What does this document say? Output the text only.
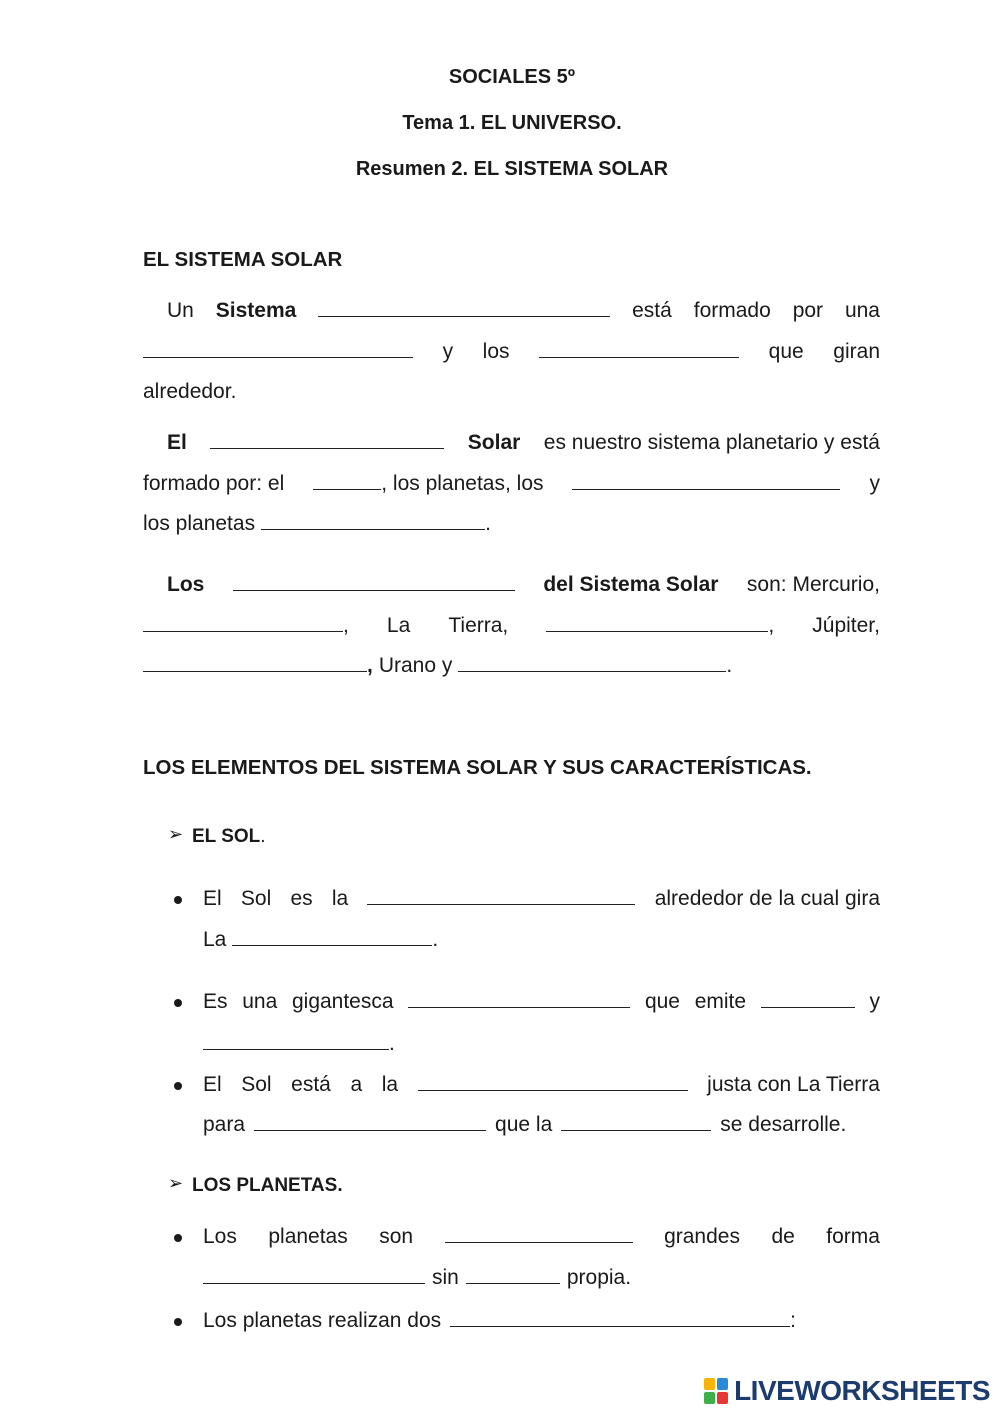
SOCIALES 5º
Tema 1. EL UNIVERSO.
Resumen 2. EL SISTEMA SOLAR
EL SISTEMA SOLAR
Un Sistema	está formado por una
y los	que giran
alrededor.
El	Solar es nuestro sistema planetario y está
formado por: el	, los planetas, los	y
los planetas	.
Los	del Sistema Solar son: Mercurio,
, La Tierra,	, Júpiter,
, Urano y	.
LOS ELEMENTOS DEL SISTEMA SOLAR Y SUS CARACTERÍSTICAS.
➢ EL SOL.
El Sol es la	alrededor de la cual gira
La	.
Es una gigantesca	que emite	y
.
El Sol está a la	justa con La Tierra
para	que la	se desarrolle.
➢ LOS PLANETAS.
Los planetas son	grandes de forma
sin	propia.
Los planetas realizan dos	:
LIVEWORKSHEETS
